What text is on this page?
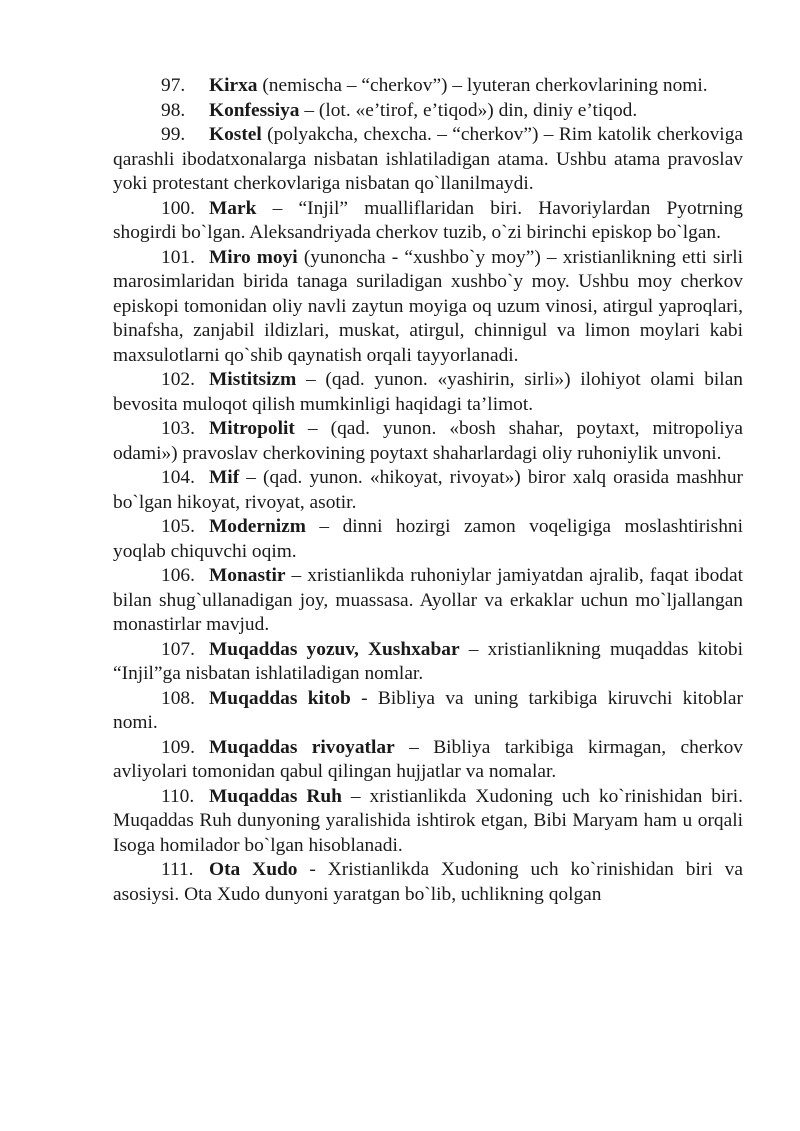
97. Kirxa (nemischa – “cherkov”) – lyuteran cherkovlarining nomi.

98. Konfessiya – (lot. «e’tirof, e’tiqod») din, diniy e’tiqod.

99. Kostel (polyakcha, chexcha. – “cherkov”) – Rim katolik cherkoviga qarashli ibodatxonalarga nisbatan ishlatiladigan atama. Ushbu atama pravoslav yoki protestant cherkovlariga nisbatan qo`llanilmaydi.

100. Mark – “Injil” mualliflaridan biri. Havoriylardan Pyotrning shogirdi bo`lgan. Aleksandriyada cherkov tuzib, o`zi birinchi episkop bo`lgan.

101. Miro moyi (yunoncha - “xushbo`y moy”) – xristianlikning etti sirli marosimlaridan birida tanaga suriladigan xushbo`y moy. Ushbu moy cherkov episkopi tomonidan oliy navli zaytun moyiga oq uzum vinosi, atirgul yaproqlari, binafsha, zanjabil ildizlari, muskat, atirgul, chinnigul va limon moylari kabi maxsulotlarni qo`shib qaynatish orqali tayyorlanadi.

102. Mistitsizm – (qad. yunon. «yashirin, sirli») ilohiyot olami bilan bevosita muloqot qilish mumkinligi haqidagi ta’limot.

103. Mitropolit – (qad. yunon. «bosh shahar, poytaxt, mitropoliya odami») pravoslav cherkovining poytaxt shaharlardagi oliy ruhoniylik unvoni.

104. Mif – (qad. yunon. «hikoyat, rivoyat») biror xalq orasida mashhur bo`lgan hikoyat, rivoyat, asotir.

105. Modernizm – dinni hozirgi zamon voqeligiga moslashtirishni yoqlab chiquvchi oqim.

106. Monastir – xristianlikda ruhoniylar jamiyatdan ajralib, faqat ibodat bilan shug`ullanadigan joy, muassasa. Ayollar va erkaklar uchun mo`ljallangan monastirlar mavjud.

107. Muqaddas yozuv, Xushxabar – xristianlikning muqaddas kitobi “Injil”ga nisbatan ishlatiladigan nomlar.

108. Muqaddas kitob - Bibliya va uning tarkibiga kiruvchi kitoblar nomi.

109. Muqaddas rivoyatlar – Bibliya tarkibiga kirmagan, cherkov avliyolari tomonidan qabul qilingan hujjatlar va nomalar.

110. Muqaddas Ruh – xristianlikda Xudoning uch ko`rinishidan biri. Muqaddas Ruh dunyoning yaralishida ishtirok etgan, Bibi Maryam ham u orqali Isoga homilador bo`lgan hisoblanadi.

111. Ota Xudo - Xristianlikda Xudoning uch ko`rinishidan biri va asosiysi. Ota Xudo dunyoni yaratgan bo`lib, uchlikning qolgan
